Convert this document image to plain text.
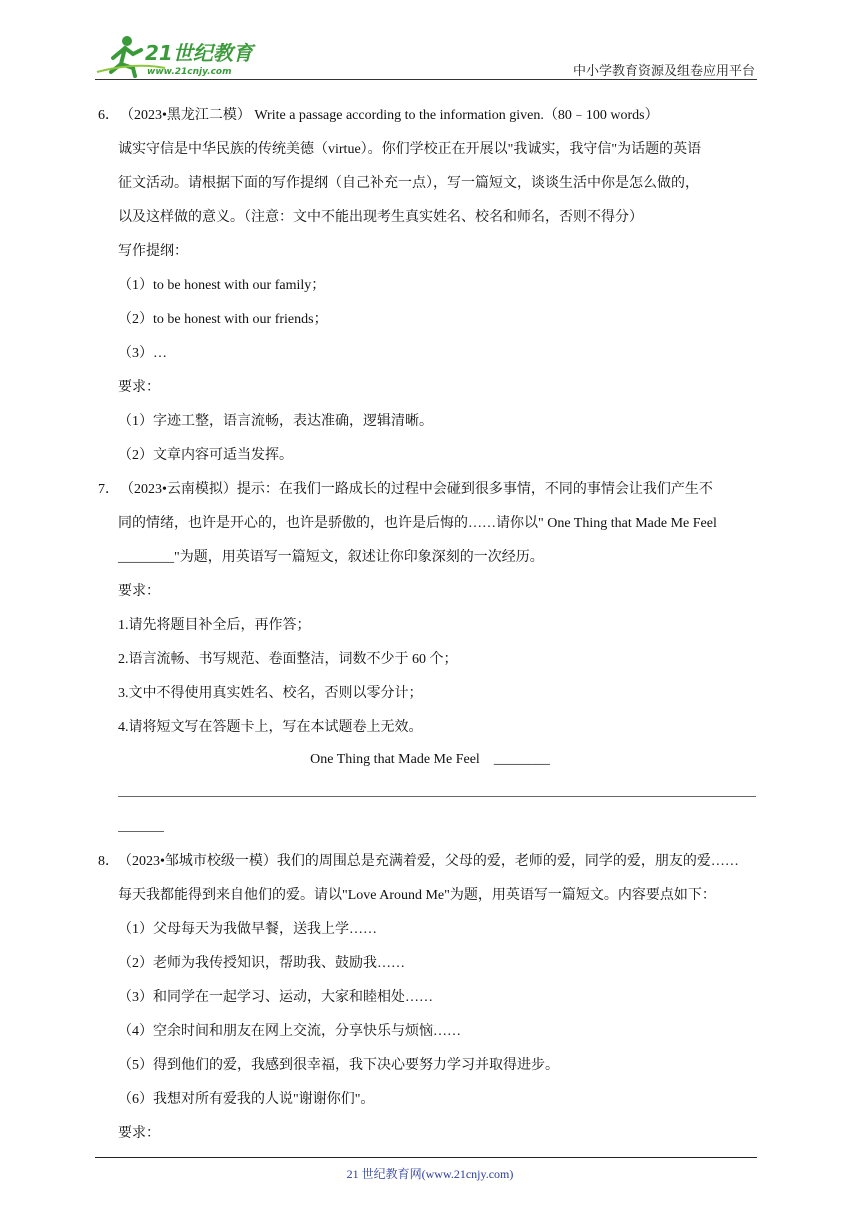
21世纪教育
www.21cnjy.com	中小学教育资源及组卷应用平台
6． （2023•黑龙江二模） Write a passage according to the information given.（80﹣100 words）
诚实守信是中华民族的传统美德（virtue）。你们学校正在开展以"我诚实，我守信"为话题的英语
征文活动。请根据下面的写作提纲（自己补充一点），写一篇短文，谈谈生活中你是怎么做的，
以及这样做的意义。（注意：文中不能出现考生真实姓名、校名和师名，否则不得分）
写作提纲：
（1）to be honest with our family；
（2）to be honest with our friends；
（3）…
要求：
（1）字迹工整，语言流畅，表达准确，逻辑清晰。
（2）文章内容可适当发挥。
7． （2023•云南模拟）提示：在我们一路成长的过程中会碰到很多事情，不同的事情会让我们产生不
同的情绪，也许是开心的，也许是骄傲的，也许是后悔的……请你以" One Thing that Made Me Feel
________"为题，用英语写一篇短文，叙述让你印象深刻的一次经历。
要求：
1.请先将题目补全后，再作答；
2.语言流畅、书写规范、卷面整洁，词数不少于 60 个；
3.文中不得使用真实姓名、校名，否则以零分计；
4.请将短文写在答题卡上，写在本试题卷上无效。
One Thing that Made Me Feel    ________
8． （2023•邹城市校级一模）我们的周围总是充满着爱，父母的爱，老师的爱，同学的爱，朋友的爱……
每天我都能得到来自他们的爱。请以"Love Around Me"为题，用英语写一篇短文。内容要点如下：
（1）父母每天为我做早餐，送我上学……
（2）老师为我传授知识，帮助我、鼓励我……
（3）和同学在一起学习、运动，大家和睦相处……
（4）空余时间和朋友在网上交流，分享快乐与烦恼……
（5）得到他们的爱，我感到很幸福，我下决心要努力学习并取得进步。
（6）我想对所有爱我的人说"谢谢你们"。
要求：
21 世纪教育网(www.21cnjy.com)
